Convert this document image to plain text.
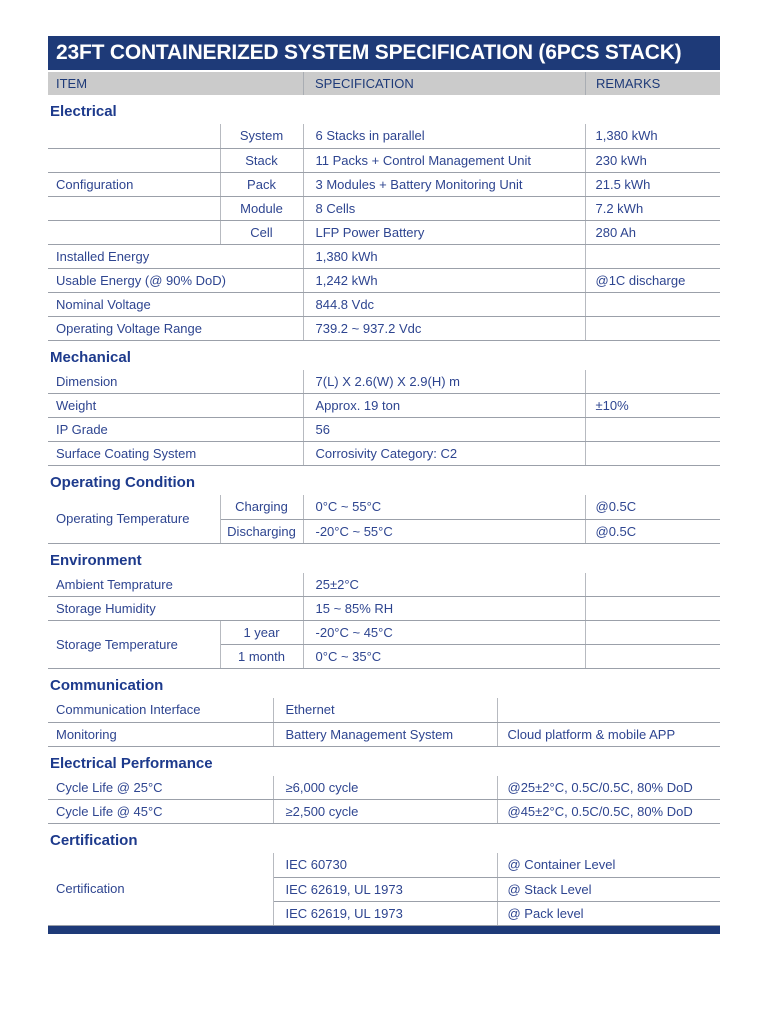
23FT CONTAINERIZED SYSTEM SPECIFICATION (6PCS STACK)
ITEM	SPECIFICATION	REMARKS
Electrical
	System	6 Stacks in parallel	1,380 kWh
	Stack	11 Packs + Control Management Unit	230 kWh
Configuration	Pack	3 Modules + Battery Monitoring Unit	21.5 kWh
	Module	8 Cells	7.2 kWh
	Cell	LFP Power Battery	280 Ah
Installed Energy		1,380 kWh	
Usable Energy (@ 90% DoD)		1,242 kWh	@1C discharge
Nominal Voltage		844.8 Vdc	
Operating Voltage Range		739.2 ~ 937.2 Vdc	
Mechanical
Dimension	7(L) X 2.6(W) X 2.9(H) m	
Weight	Approx. 19 ton	±10%
IP Grade	56	
Surface Coating System	Corrosivity Category: C2	
Operating Condition
Operating Temperature	Charging	0°C ~ 55°C	@0.5C
	Discharging	-20°C ~ 55°C	@0.5C
Environment
Ambient Temprature		25±2°C	
Storage Humidity		15 ~ 85% RH	
Storage Temperature	1 year	-20°C ~ 45°C	
	1 month	0°C ~ 35°C	
Communication
Communication Interface	Ethernet	
Monitoring	Battery Management System	Cloud platform & mobile APP
Electrical Performance
Cycle Life @ 25°C	≥6,000 cycle	@25±2°C, 0.5C/0.5C, 80% DoD
Cycle Life @ 45°C	≥2,500 cycle	@45±2°C, 0.5C/0.5C, 80% DoD
Certification
Certification	IEC 60730	@ Container Level
	IEC 62619, UL 1973	@ Stack Level
	IEC 62619, UL 1973	@ Pack level
